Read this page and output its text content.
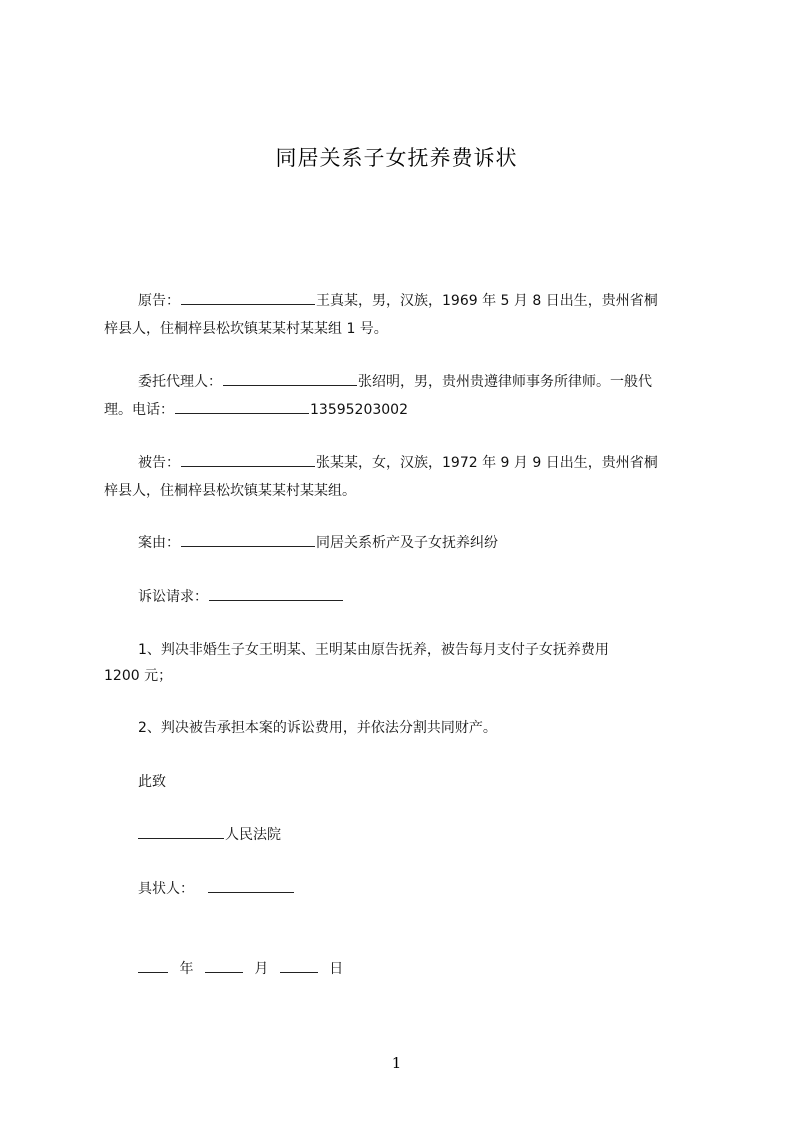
同居关系子女抚养费诉状
原告：	王真某，男，汉族，1969 年 5 月 8 日出生，贵州省桐
梓县人，住桐梓县松坎镇某某村某某组 1 号。
委托代理人：	张绍明，男，贵州贵遵律师事务所律师。一般代
理。电话：	13595203002
被告：	张某某，女，汉族，1972 年 9 月 9 日出生，贵州省桐
梓县人，住桐梓县松坎镇某某村某某组。
案由：	同居关系析产及子女抚养纠纷
诉讼请求：
1、判决非婚生子女王明某、王明某由原告抚养，被告每月支付子女抚养费用
1200 元；
2、判决被告承担本案的诉讼费用，并依法分割共同财产。
此致
人民法院
具状人：
年	月	日
1
